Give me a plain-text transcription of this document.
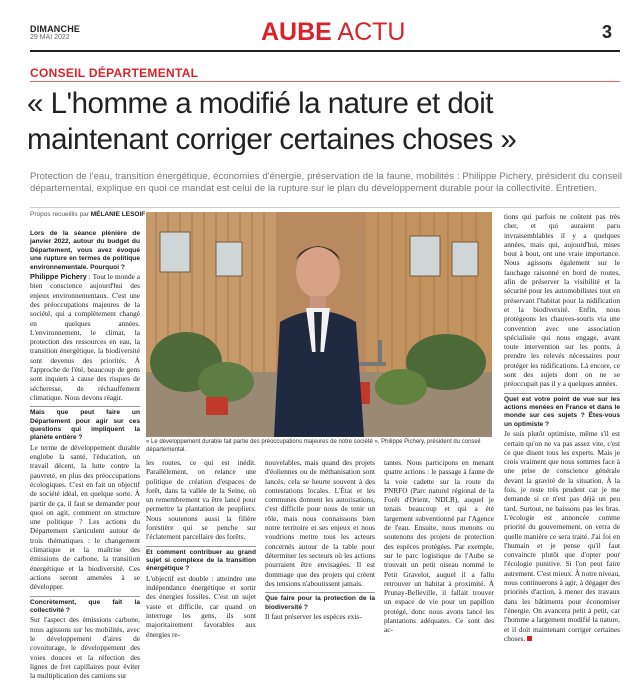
DIMANCHE
29 MAI 2022	AUBE ACTU	3
CONSEIL DÉPARTEMENTAL
« L'homme a modifié la nature et doit maintenant corriger certaines choses »
Protection de l'eau, transition énergétique, économies d'énergie, préservation de la faune, mobilités : Philippe Pichery, président du conseil départemental, explique en quoi ce mandat est celui de la rupture sur le plan du développement durable pour la collectivité. Entretien.
Propos recueillis par MÉLANIE LESOIF

Lors de la séance plénière de janvier 2022, autour du budget du Département, vous avez évoqué une rupture en termes de politique environnementale. Pourquoi ?

Philippe Pichery : Tout le monde a bien conscience aujourd'hui des enjeux environnementaux. C'est une des préoccupations majeures de la société, qui a complètement changé en quelques années. L'environnement, le climat, la protection des ressources en eau, la transition énergétique, la biodiversité sont devenus des priorités. À l'approche de l'été, beaucoup de gens sont inquiets à cause des risques de sécheresse, de réchauffement climatique. Nous devons réagir.

Mais que peut faire un Département pour agir sur ces questions qui impliquent la planète entière ?

Le terme de développement durable englobe la santé, l'éducation, un travail décent, la lutte contre la pauvreté, en plus des préoccupations écologiques. C'est en fait un objectif de société idéal, en quelque sorte. À partir de ça, il faut se demander pour quoi on agit, comment on structure une politique ? Les actions du Département s'articulent autour de trois thématiques : le changement climatique et la maîtrise des émissions de carbone, la transition énergétique et la biodiversité. Ces actions seront amenées à se développer.

Concrètement, que fait la collectivité ?

Sur l'aspect des émissions carbone, nous agissons sur les mobilités, avec le développement d'aires de covoiturage, le développement des voies douces et la réfection des lignes de fret capillaires pour éviter la multiplication des camions sur

« Le développement durable fait partie des préoccupations majeures de notre société », Philippe Pichery, président du conseil départemental.

les routes, ce qui est inédit. Parallèlement, on relance une politique de création d'espaces de forêt, dans la vallée de la Seine, où un remembrement va être lancé pour permettre la plantation de peupliers. Nous soutenons aussi la filière forestière qui se penche sur l'éclatement parcellaire des forêts.

Et comment contribuer au grand sujet si complexe de la transition énergétique ?

L'objectif est double : atteindre une indépendance énergétique et sortir des énergies fossiles. C'est un sujet vaste et difficile, car quand on interroge les gens, ils sont majoritairement favorables aux énergies re-

nouvelables, mais quand des projets d'éoliennes ou de méthanisation sont lancés, cela se heurte souvent à des contestations locales. L'État et les communes donnent les autorisations, c'est difficile pour nous de tenir un rôle, mais nous connaissons bien notre territoire et ses enjeux et nous voudrions mettre tous les acteurs concernés autour de la table pour déterminer les secteurs où les actions pourraient être envisagées. Il est dommage que des projets qui créent des tensions n'aboutissent jamais.

Que faire pour la protection de la biodiversité ?

Il faut préserver les espèces exis-

tantes. Nous participons en menant quatre actions : le passage à faune de la voie cadette sur la route du PNRFO (Parc naturel régional de la Forêt d'Orient, NDLR), auquel je tenais beaucoup et qui a été largement subventionné par l'Agence de l'eau. Ensuite, nous menons ou soutenons des projets de protection des espèces protégées. Par exemple, sur le parc logistique de l'Aube se trouvait un petit oiseau nommé le Petit Gravelot, auquel il a fallu retrouver un habitat à proximité. À Prunay-Belleville, il fallait trouver un espace de vie pour un papillon protégé, donc nous avons lancé les plantations adéquates. Ce sont des ac-

tions qui parfois ne coûtent pas très cher, et qui auraient paru invraisemblables il y a quelques années, mais qui, aujourd'hui, mises bout à bout, ont une vraie importance. Nous agissons également sur le fauchage raisonné en bord de routes, afin de préserver la visibilité et la sécurité pour les automobilistes tout en préservant l'habitat pour la nidification et la biodiversité. Enfin, nous protégeons les chauves-souris via une convention avec une association spécialisée qui nous engage, avant toute intervention sur les ponts, à prendre les relevés nécessaires pour protéger les nidifications. Là encore, ce sont des sujets dont on ne se préoccupait pas il y a quelques années.

Quel est votre point de vue sur les actions menées en France et dans le monde sur ces sujets ? Êtes-vous un optimiste ?

Je suis plutôt optimiste, même s'il est certain qu'on ne va pas assez vite, c'est ce que disent tous les experts. Mais je crois vraiment que nous sommes face à une prise de conscience générale devant la gravité de la situation. À la fois, je reste très prudent car je me demande si ce n'est pas déjà un peu tard. Surtout, ne baissons pas les bras. L'écologie est annoncée comme priorité du gouvernement, on verra de quelle manière ce sera traité. J'ai foi en l'humain et je pense qu'il faut convaincre plutôt que d'opter pour l'écologie punitive. Si l'on peut faire autrement. C'est mieux. À notre niveau, nous continuerons à agir, à dégager des priorités d'action, à mener des travaux dans les bâtiments pour économiser l'énergie. On avancera petit à petit, car l'homme a largement modifié la nature, et il doit maintenant corriger certaines choses.
